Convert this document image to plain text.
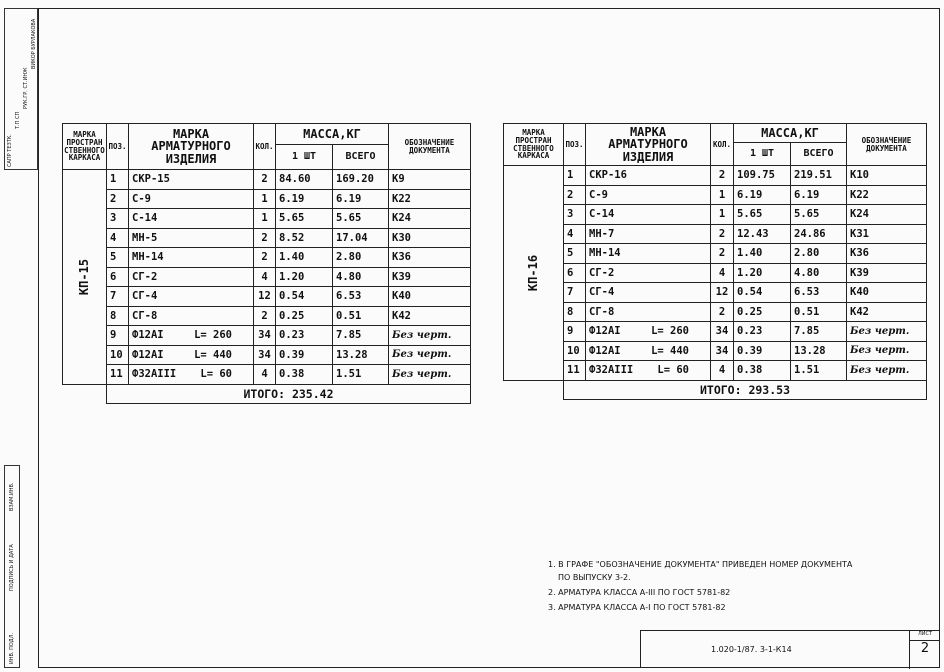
САПР ТЕЗТК.
Т.П СП
РУК.ГР. СТ.ИНЖ
ВИКОР БУРЛАКОВА
ИНВ. ПОДЛ.
ПОДПИСЬ И ДАТА
ВЗАМ.ИНВ.
МАРКА ПРОСТРАН СТВЕННОГО КАРКАСА	ПОЗ.	МАРКА АРМАТУРНОГО ИЗДЕЛИЯ	КОЛ.	МАССА,КГ		ОБОЗНАЧЕНИЕ ДОКУМЕНТА
				1 ШТ	ВСЕГО	
КП-15	1	СКР-15	2	84.60	169.20	К9
	2	С-9	1	6.19	6.19	К22
	3	С-14	1	5.65	5.65	К24
	4	МН-5	2	8.52	17.04	К30
	5	МН-14	2	1.40	2.80	К36
	6	СГ-2	4	1.20	4.80	К39
	7	СГ-4	12	0.54	6.53	К40
	8	СГ-8	2	0.25	0.51	К42
	9	Ф12АI L= 260	34	0.23	7.85	Без черт.
	10	Ф12АI L= 440	34	0.39	13.28	Без черт.
	11	Ф32АIII L= 60	4	0.38	1.51	Без черт.
	ИТОГО: 235.42					
МАРКА ПРОСТРАН СТВЕННОГО КАРКАСА	ПОЗ.	МАРКА АРМАТУРНОГО ИЗДЕЛИЯ	КОЛ.	МАССА,КГ		ОБОЗНАЧЕНИЕ ДОКУМЕНТА
				1 ШТ	ВСЕГО	
КП-16	1	СКР-16	2	109.75	219.51	К10
	2	С-9	1	6.19	6.19	К22
	3	С-14	1	5.65	5.65	К24
	4	МН-7	2	12.43	24.86	К31
	5	МН-14	2	1.40	2.80	К36
	6	СГ-2	4	1.20	4.80	К39
	7	СГ-4	12	0.54	6.53	К40
	8	СГ-8	2	0.25	0.51	К42
	9	Ф12АI L= 260	34	0.23	7.85	Без черт.
	10	Ф12АI L= 440	34	0.39	13.28	Без черт.
	11	Ф32АIII L= 60	4	0.38	1.51	Без черт.
	ИТОГО: 293.53					
1. В ГРАФЕ "ОБОЗНАЧЕНИЕ ДОКУМЕНТА" ПРИВЕДЕН НОМЕР ДОКУМЕНТА
ПО ВЫПУСКУ 3-2.
2. АРМАТУРА КЛАССА А-III ПО ГОСТ 5781-82
3. АРМАТУРА КЛАССА А-I ПО ГОСТ 5781-82
1.020-1/87. 3-1-К14
ЛИСТ
2
